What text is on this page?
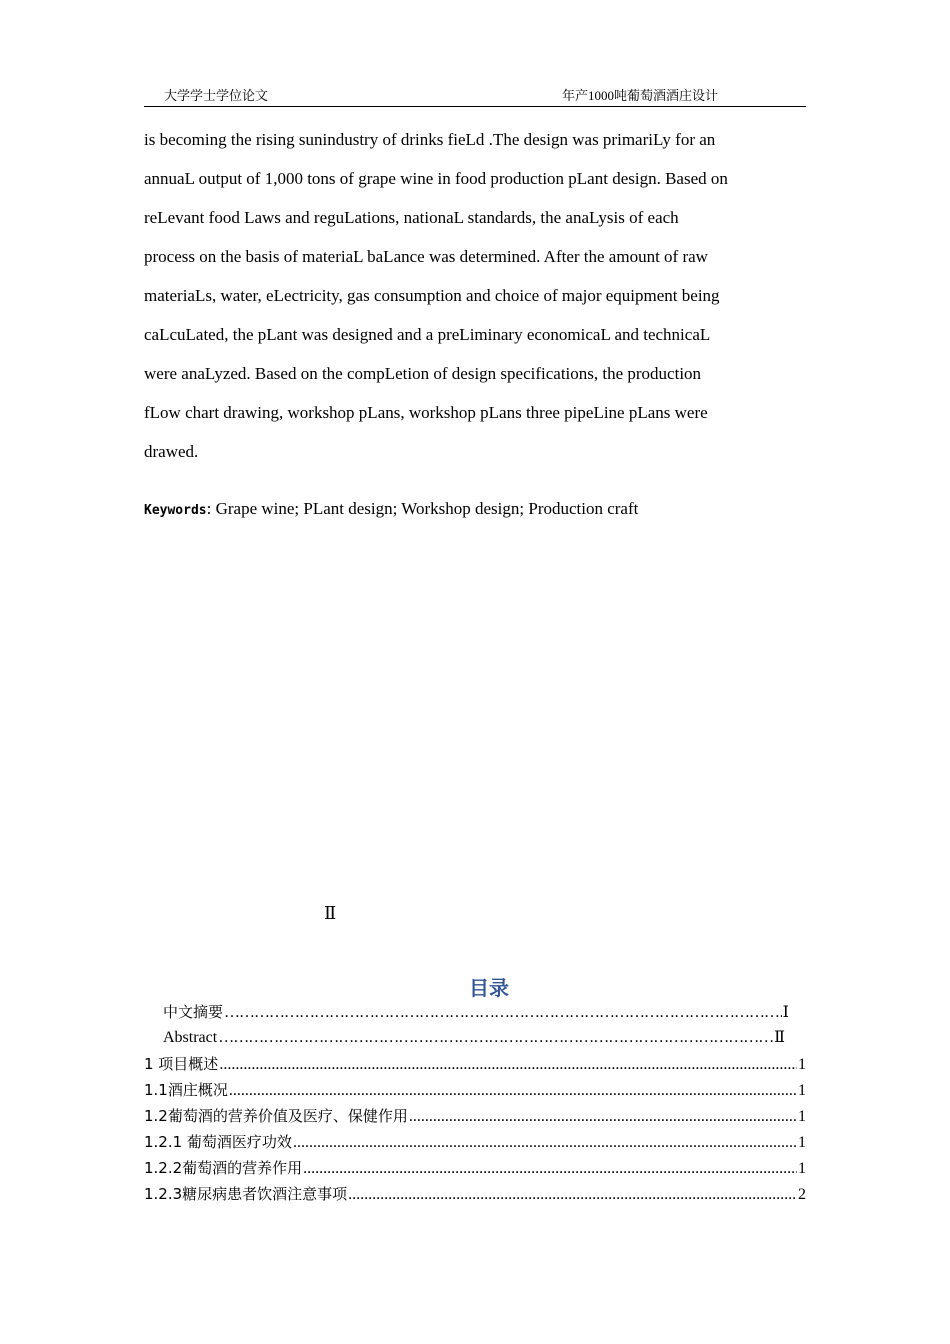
大学学士学位论文	年产1000吨葡萄酒酒庄设计

is becoming the rising sunindustry of drinks fieLd .The design was primariLy for an

annuaL output of 1,000 tons of grape wine in food production pLant design. Based on

reLevant food Laws and reguLations, nationaL standards, the anaLysis of each

process on the basis of materiaL baLance was determined. After the amount of raw

materiaLs, water, eLectricity, gas consumption and choice of major equipment being

caLcuLated, the pLant was designed and a preLiminary economicaL and technicaL

were anaLyzed. Based on the compLetion of design specifications, the production

fLow chart drawing, workshop pLans, workshop pLans three pipeLine pLans were

drawed.

Keywords: Grape wine; PLant design; Workshop design; Production craft
Ⅱ
目录
中文摘要 …………………………………………………………………………………………………………………………………………………………………………	Ⅰ
Abstract …………………………………………………………………………………………………………………………………………………………………………	Ⅱ
1 项目概述 .....	1
1.1酒庄概况 .....	1
1.2葡萄酒的营养价值及医疗、保健作用 .....	1
1.2.1 葡萄酒医疗功效 .....	1
1.2.2葡萄酒的营养作用 .....	1
1.2.3糖尿病患者饮酒注意事项 .....	2
